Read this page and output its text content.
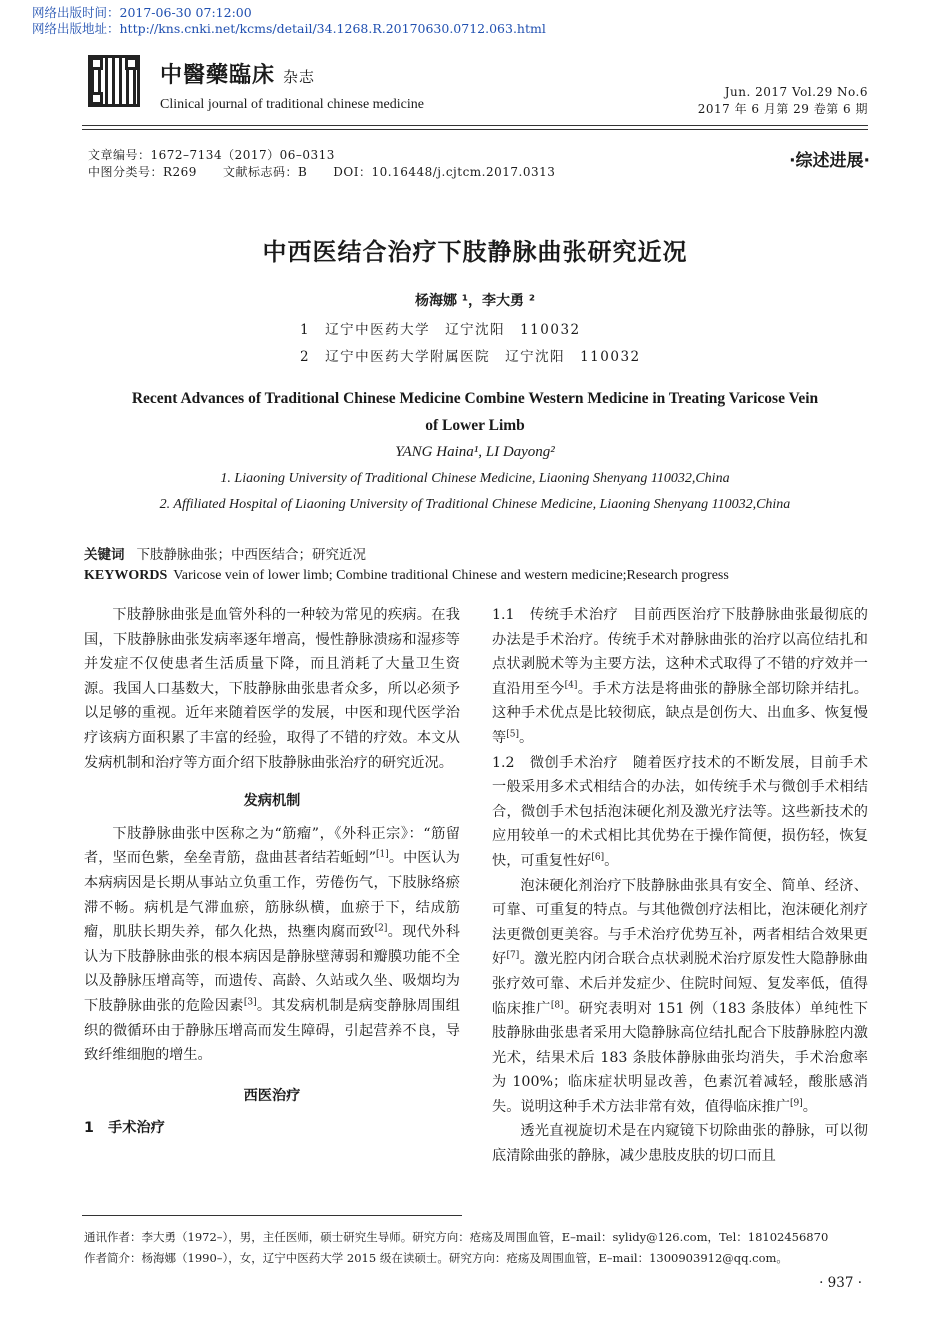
网络出版时间：2017-06-30 07:12:00
网络出版地址：http://kns.cnki.net/kcms/detail/34.1268.R.20170630.0712.063.html
中醫藥臨床 杂志
Clinical journal of traditional chinese medicine
Jun. 2017 Vol.29 No.6
2017 年 6 月第 29 卷第 6 期
文章编号：1672–7134（2017）06–0313
中图分类号：R269 文献标志码：B DOI：10.16448/j.cjtcm.2017.0313
·综述进展·
中西医结合治疗下肢静脉曲张研究近况
杨海娜 ¹，李大勇 ²
1　辽宁中医药大学　辽宁沈阳　110032
2　辽宁中医药大学附属医院　辽宁沈阳　110032
Recent Advances of Traditional Chinese Medicine Combine Western Medicine in Treating Varicose Vein
of Lower Limb
YANG Haina¹, LI Dayong²
1. Liaoning University of Traditional Chinese Medicine, Liaoning Shenyang 110032,China
2. Affiliated Hospital of Liaoning University of Traditional Chinese Medicine, Liaoning Shenyang 110032,China
关键词 下肢静脉曲张；中西医结合；研究近况
KEYWORDS Varicose vein of lower limb; Combine traditional Chinese and western medicine;Research progress

下肢静脉曲张是血管外科的一种较为常见的疾病。在我国，下肢静脉曲张发病率逐年增高，慢性静脉溃疡和湿疹等并发症不仅使患者生活质量下降，而且消耗了大量卫生资源。我国人口基数大，下肢静脉曲张患者众多，所以必须予以足够的重视。近年来随着医学的发展，中医和现代医学治疗该病方面积累了丰富的经验，取得了不错的疗效。本文从发病机制和治疗等方面介绍下肢静脉曲张治疗的研究近况。

发病机制

下肢静脉曲张中医称之为“筋瘤”，《外科正宗》：“筋留者，坚而色紫，垒垒青筋，盘曲甚者结若蚯蚓”[1]。中医认为本病病因是长期从事站立负重工作，劳倦伤气，下肢脉络瘀滞不畅。病机是气滞血瘀，筋脉纵横，血瘀于下，结成筋瘤，肌肤长期失养，郁久化热，热壅肉腐而致[2]。现代外科认为下肢静脉曲张的根本病因是静脉壁薄弱和瓣膜功能不全以及静脉压增高等，而遗传、高龄、久站或久坐、吸烟均为下肢静脉曲张的危险因素[3]。其发病机制是病变静脉周围组织的微循环由于静脉压增高而发生障碍，引起营养不良，导致纤维细胞的增生。

西医治疗
1　手术治疗

1.1　传统手术治疗　目前西医治疗下肢静脉曲张最彻底的办法是手术治疗。传统手术对静脉曲张的治疗以高位结扎和点状剥脱术等为主要方法，这种术式取得了不错的疗效并一直沿用至今[4]。手术方法是将曲张的静脉全部切除并结扎。这种手术优点是比较彻底，缺点是创伤大、出血多、恢复慢等[5]。

1.2　微创手术治疗　随着医疗技术的不断发展，目前手术一般采用多术式相结合的办法，如传统手术与微创手术相结合，微创手术包括泡沫硬化剂及激光疗法等。这些新技术的应用较单一的术式相比其优势在于操作简便，损伤轻，恢复快，可重复性好[6]。

泡沫硬化剂治疗下肢静脉曲张具有安全、简单、经济、可靠、可重复的特点。与其他微创疗法相比，泡沫硬化剂疗法更微创更美容。与手术治疗优势互补，两者相结合效果更好[7]。激光腔内闭合联合点状剥脱术治疗原发性大隐静脉曲张疗效可靠、术后并发症少、住院时间短、复发率低，值得临床推广[8]。研究表明对 151 例（183 条肢体）单纯性下肢静脉曲张患者采用大隐静脉高位结扎配合下肢静脉腔内激光术，结果术后 183 条肢体静脉曲张均消失，手术治愈率为 100%；临床症状明显改善，色素沉着减轻，酸胀感消失。说明这种手术方法非常有效，值得临床推广[9]。

透光直视旋切术是在内窥镜下切除曲张的静脉，可以彻底清除曲张的静脉，减少患肢皮肤的切口而且

通讯作者：李大勇（1972–），男，主任医师，硕士研究生导师。研究方向：疮疡及周围血管，E–mail：sylidy@126.com，Tel：18102456870
作者简介：杨海娜（1990–），女，辽宁中医药大学 2015 级在读硕士。研究方向：疮疡及周围血管，E–mail：1300903912@qq.com。
· 937 ·
